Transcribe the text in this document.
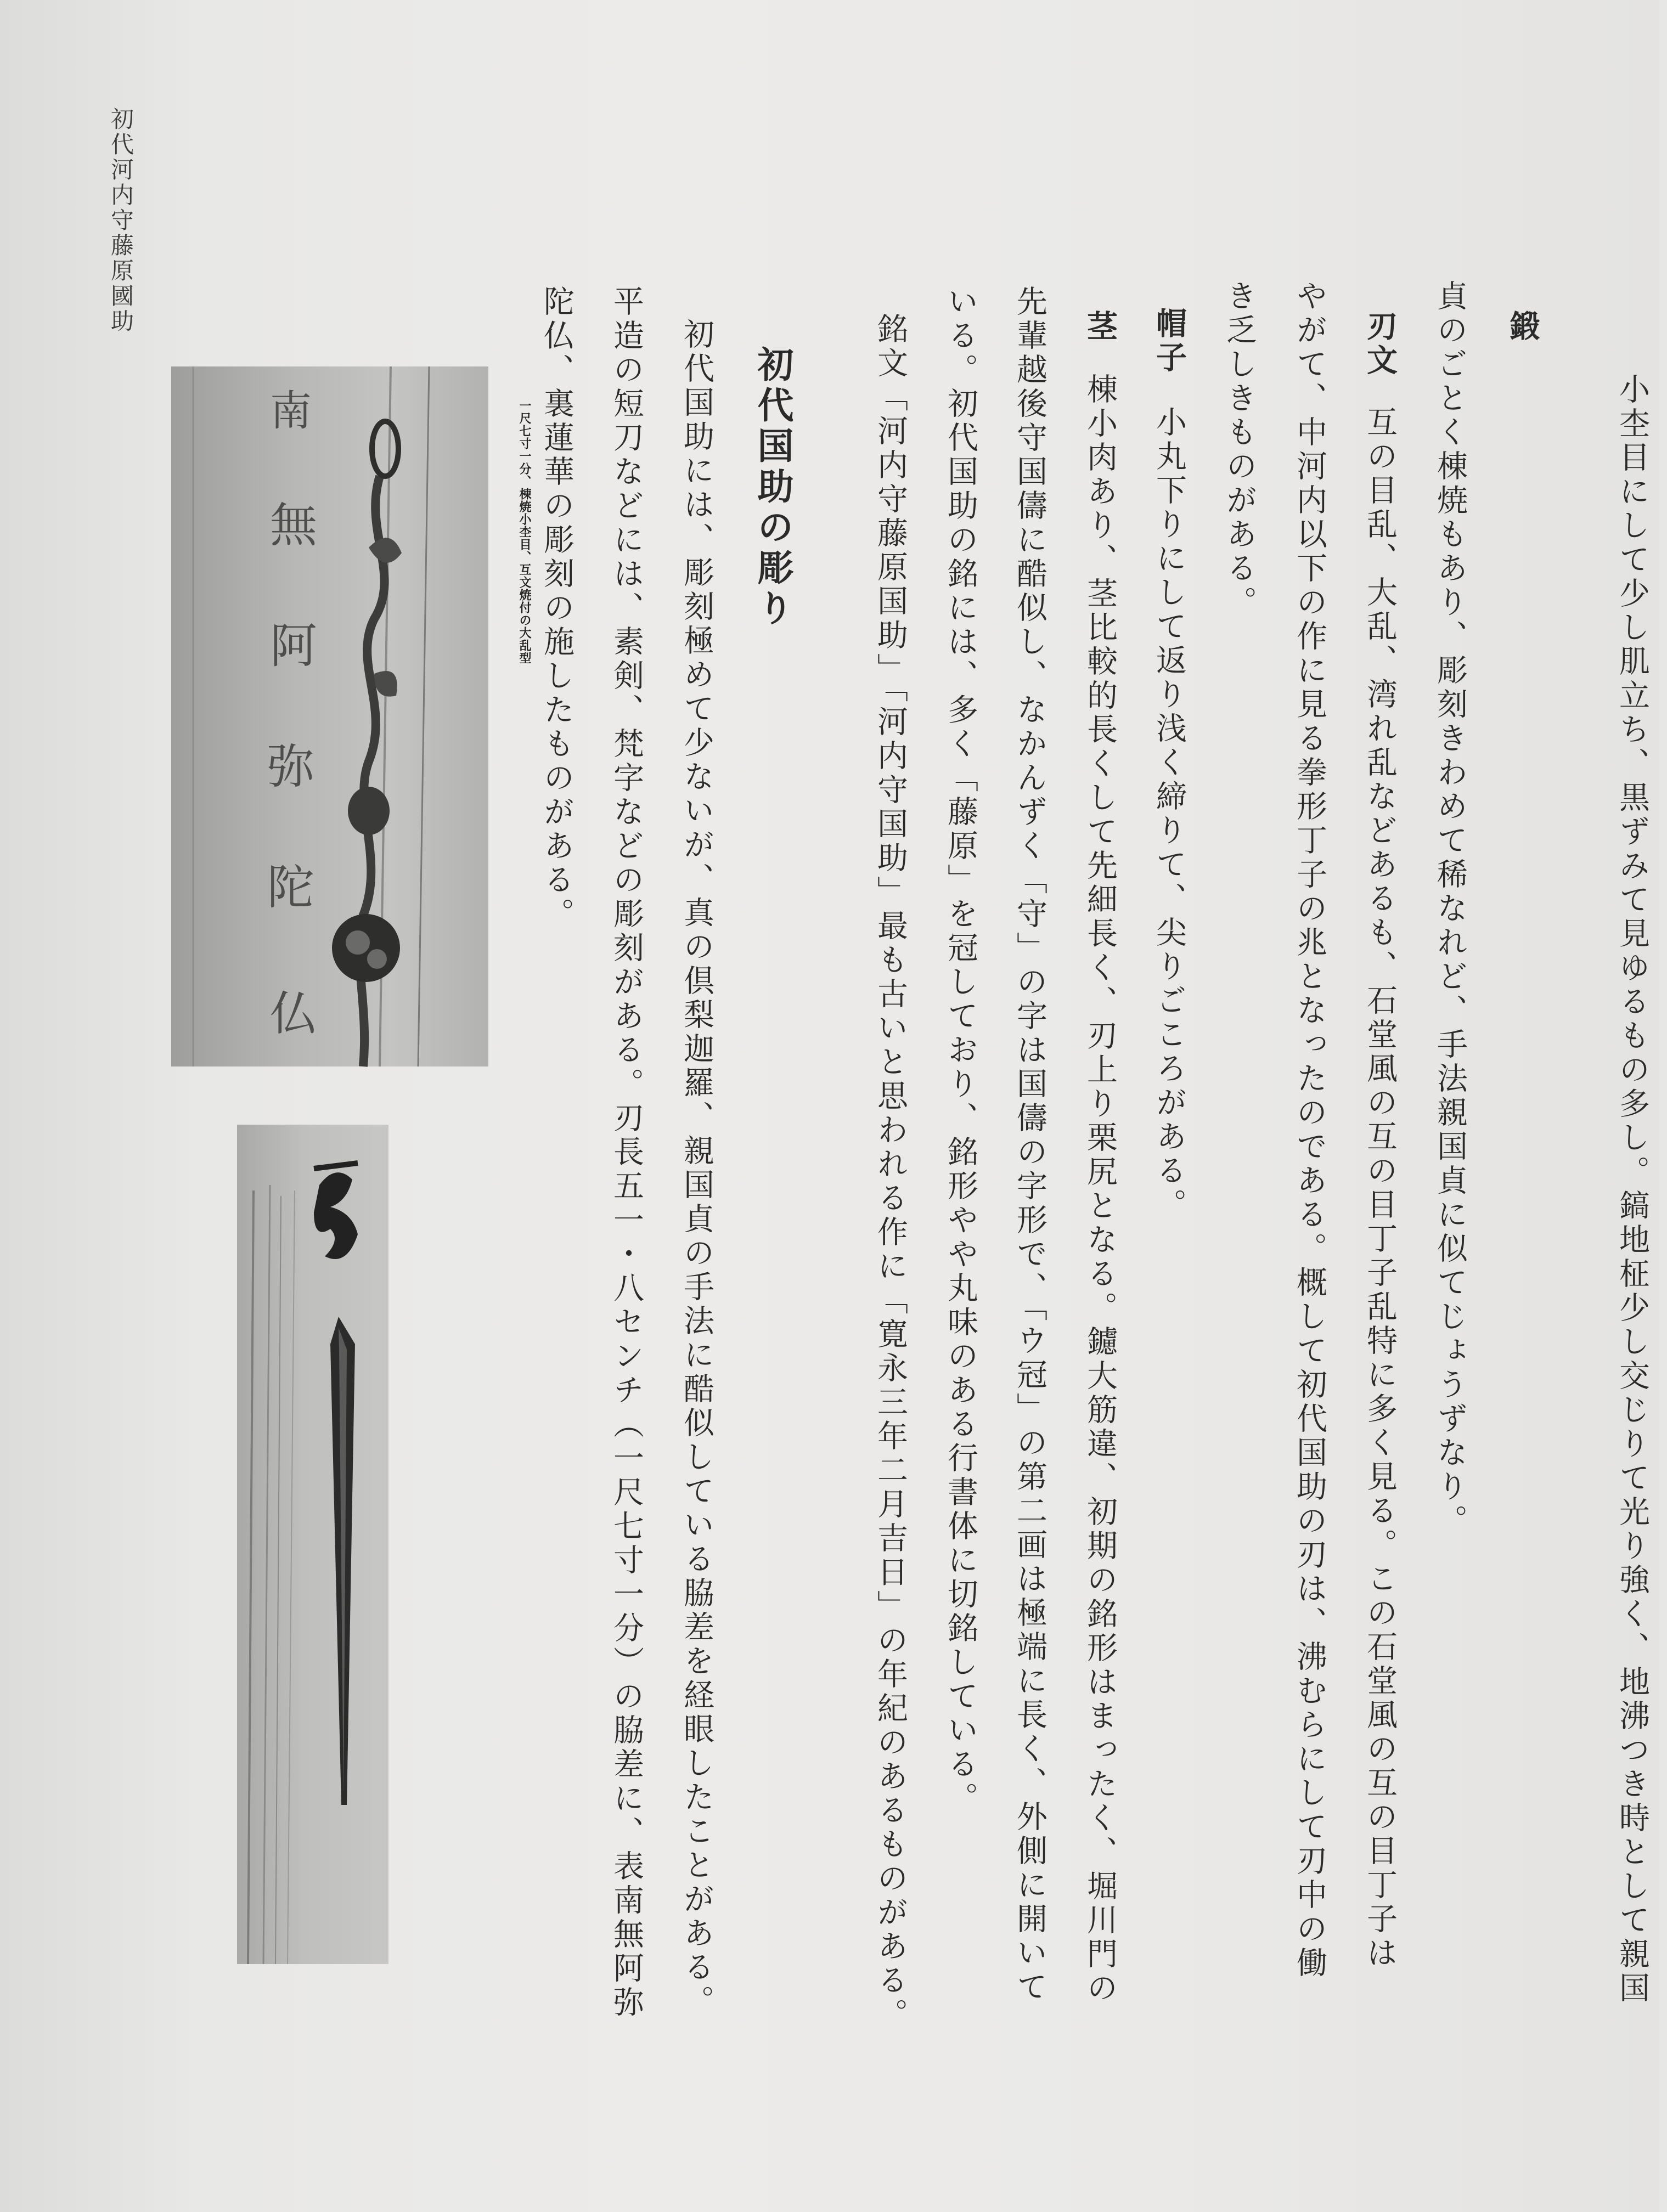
初代河内守藤原國助	鍛
小杢目にして少し肌立ち、黒ずみて見ゆるもの多し。鎬地柾少し交じりて光り強く、地沸つき時として親国
貞のごとく棟焼もあり、彫刻きわめて稀なれど、手法親国貞に似てじょうずなり。
刃文
互の目乱、大乱、湾れ乱などあるも、石堂風の互の目丁子乱特に多く見る。この石堂風の互の目丁子は
やがて、中河内以下の作に見る拳形丁子の兆となったのである。概して初代国助の刃は、沸むらにして刃中の働
き乏しきものがある。
帽子
小丸下りにして返り浅く締りて、尖りごころがある。
茎
棟小肉あり、茎比較的長くして先細長く、刃上り栗尻となる。鑢大筋違、初期の銘形はまったく、堀川門の
先輩越後守国儔に酷似し、なかんずく「守」の字は国儔の字形で、「ウ冠」の第二画は極端に長く、外側に開いて
いる。初代国助の銘には、多く「藤原」を冠しており、銘形やや丸味のある行書体に切銘している。
銘文「河内守藤原国助」「河内守国助」最も古いと思われる作に「寛永三年二月吉日」の年紀のあるものがある。
初代国助の彫り
初代国助には、彫刻極めて少ないが、真の倶梨迦羅、親国貞の手法に酷似している脇差を経眼したことがある。
平造の短刀などには、素剣、梵字などの彫刻がある。刃長五一・八センチ（一尺七寸一分）の脇差に、表南無阿弥
陀仏、裏蓮華の彫刻の施したものがある。
一尺七寸一分、棟焼小杢目、互文焼付の大乱型
南
無
阿
弥
陀
仏
